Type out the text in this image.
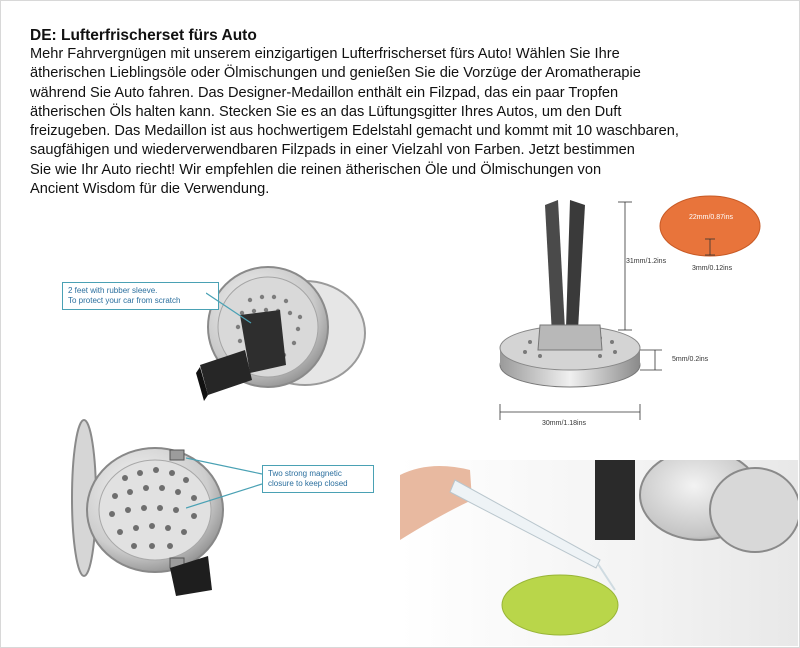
DE: Lufterfrischerset fürs Auto

Mehr Fahrvergnügen mit unserem einzigartigen Lufterfrischerset fürs Auto! Wählen Sie Ihre
ätherischen Lieblingsöle oder Ölmischungen und genießen Sie die Vorzüge der Aromatherapie
während Sie Auto fahren. Das Designer-Medaillon enthält ein Filzpad, das ein paar Tropfen
ätherischen Öls halten kann. Stecken Sie es an das Lüftungsgitter Ihres Autos, um den Duft
freizugeben. Das Medaillon ist aus hochwertigem Edelstahl gemacht und kommt mit 10 waschbaren,
saugfähigen und wiederverwendbaren Filzpads in einer Vielzahl von Farben. Jetzt bestimmen
Sie wie Ihr Auto riecht! Wir empfehlen die reinen ätherischen Öle und Ölmischungen von
Ancient Wisdom für die Verwendung.

2 feet with rubber sleeve.
To protect your car from scratch
31mm/1.2ins
5mm/0.2ins
30mm/1.18ins
22mm/0.87ins
3mm/0.12ins
Two strong magnetic
closure to keep closed
